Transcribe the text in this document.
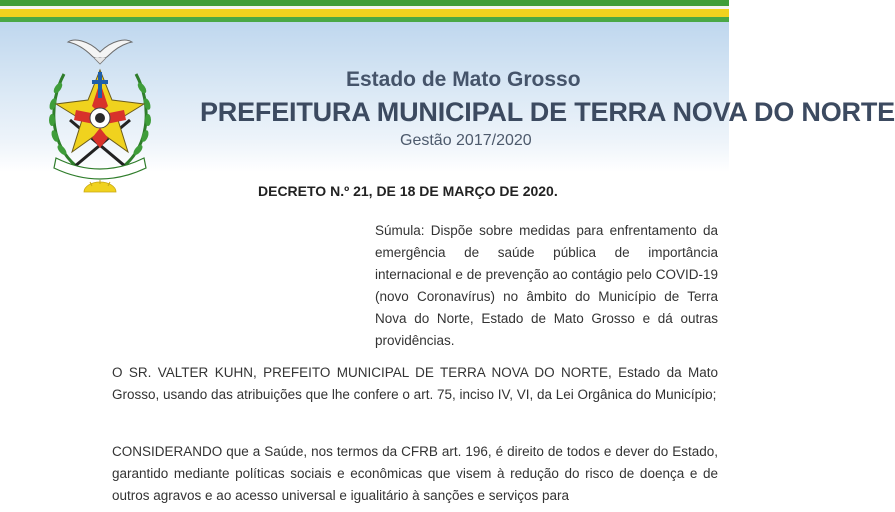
Estado de Mato Grosso
PREFEITURA MUNICIPAL DE TERRA NOVA DO NORTE
Gestão 2017/2020
DECRETO N.º 21, DE 18 DE MARÇO DE 2020.
Súmula: Dispõe sobre medidas para enfrentamento da emergência de saúde pública de importância internacional e de prevenção ao contágio pelo COVID-19 (novo Coronavírus) no âmbito do Município de Terra Nova do Norte, Estado de Mato Grosso e dá outras providências.
O SR. VALTER KUHN, PREFEITO MUNICIPAL DE TERRA NOVA DO NORTE, Estado da Mato Grosso, usando das atribuições que lhe confere o art. 75, inciso IV, VI, da Lei Orgânica do Município;
CONSIDERANDO que a Saúde, nos termos da CFRB art. 196, é direito de todos e dever do Estado, garantido mediante políticas sociais e econômicas que visem à redução do risco de doença e de outros agravos e ao acesso universal e igualitário à sanções e serviços para
